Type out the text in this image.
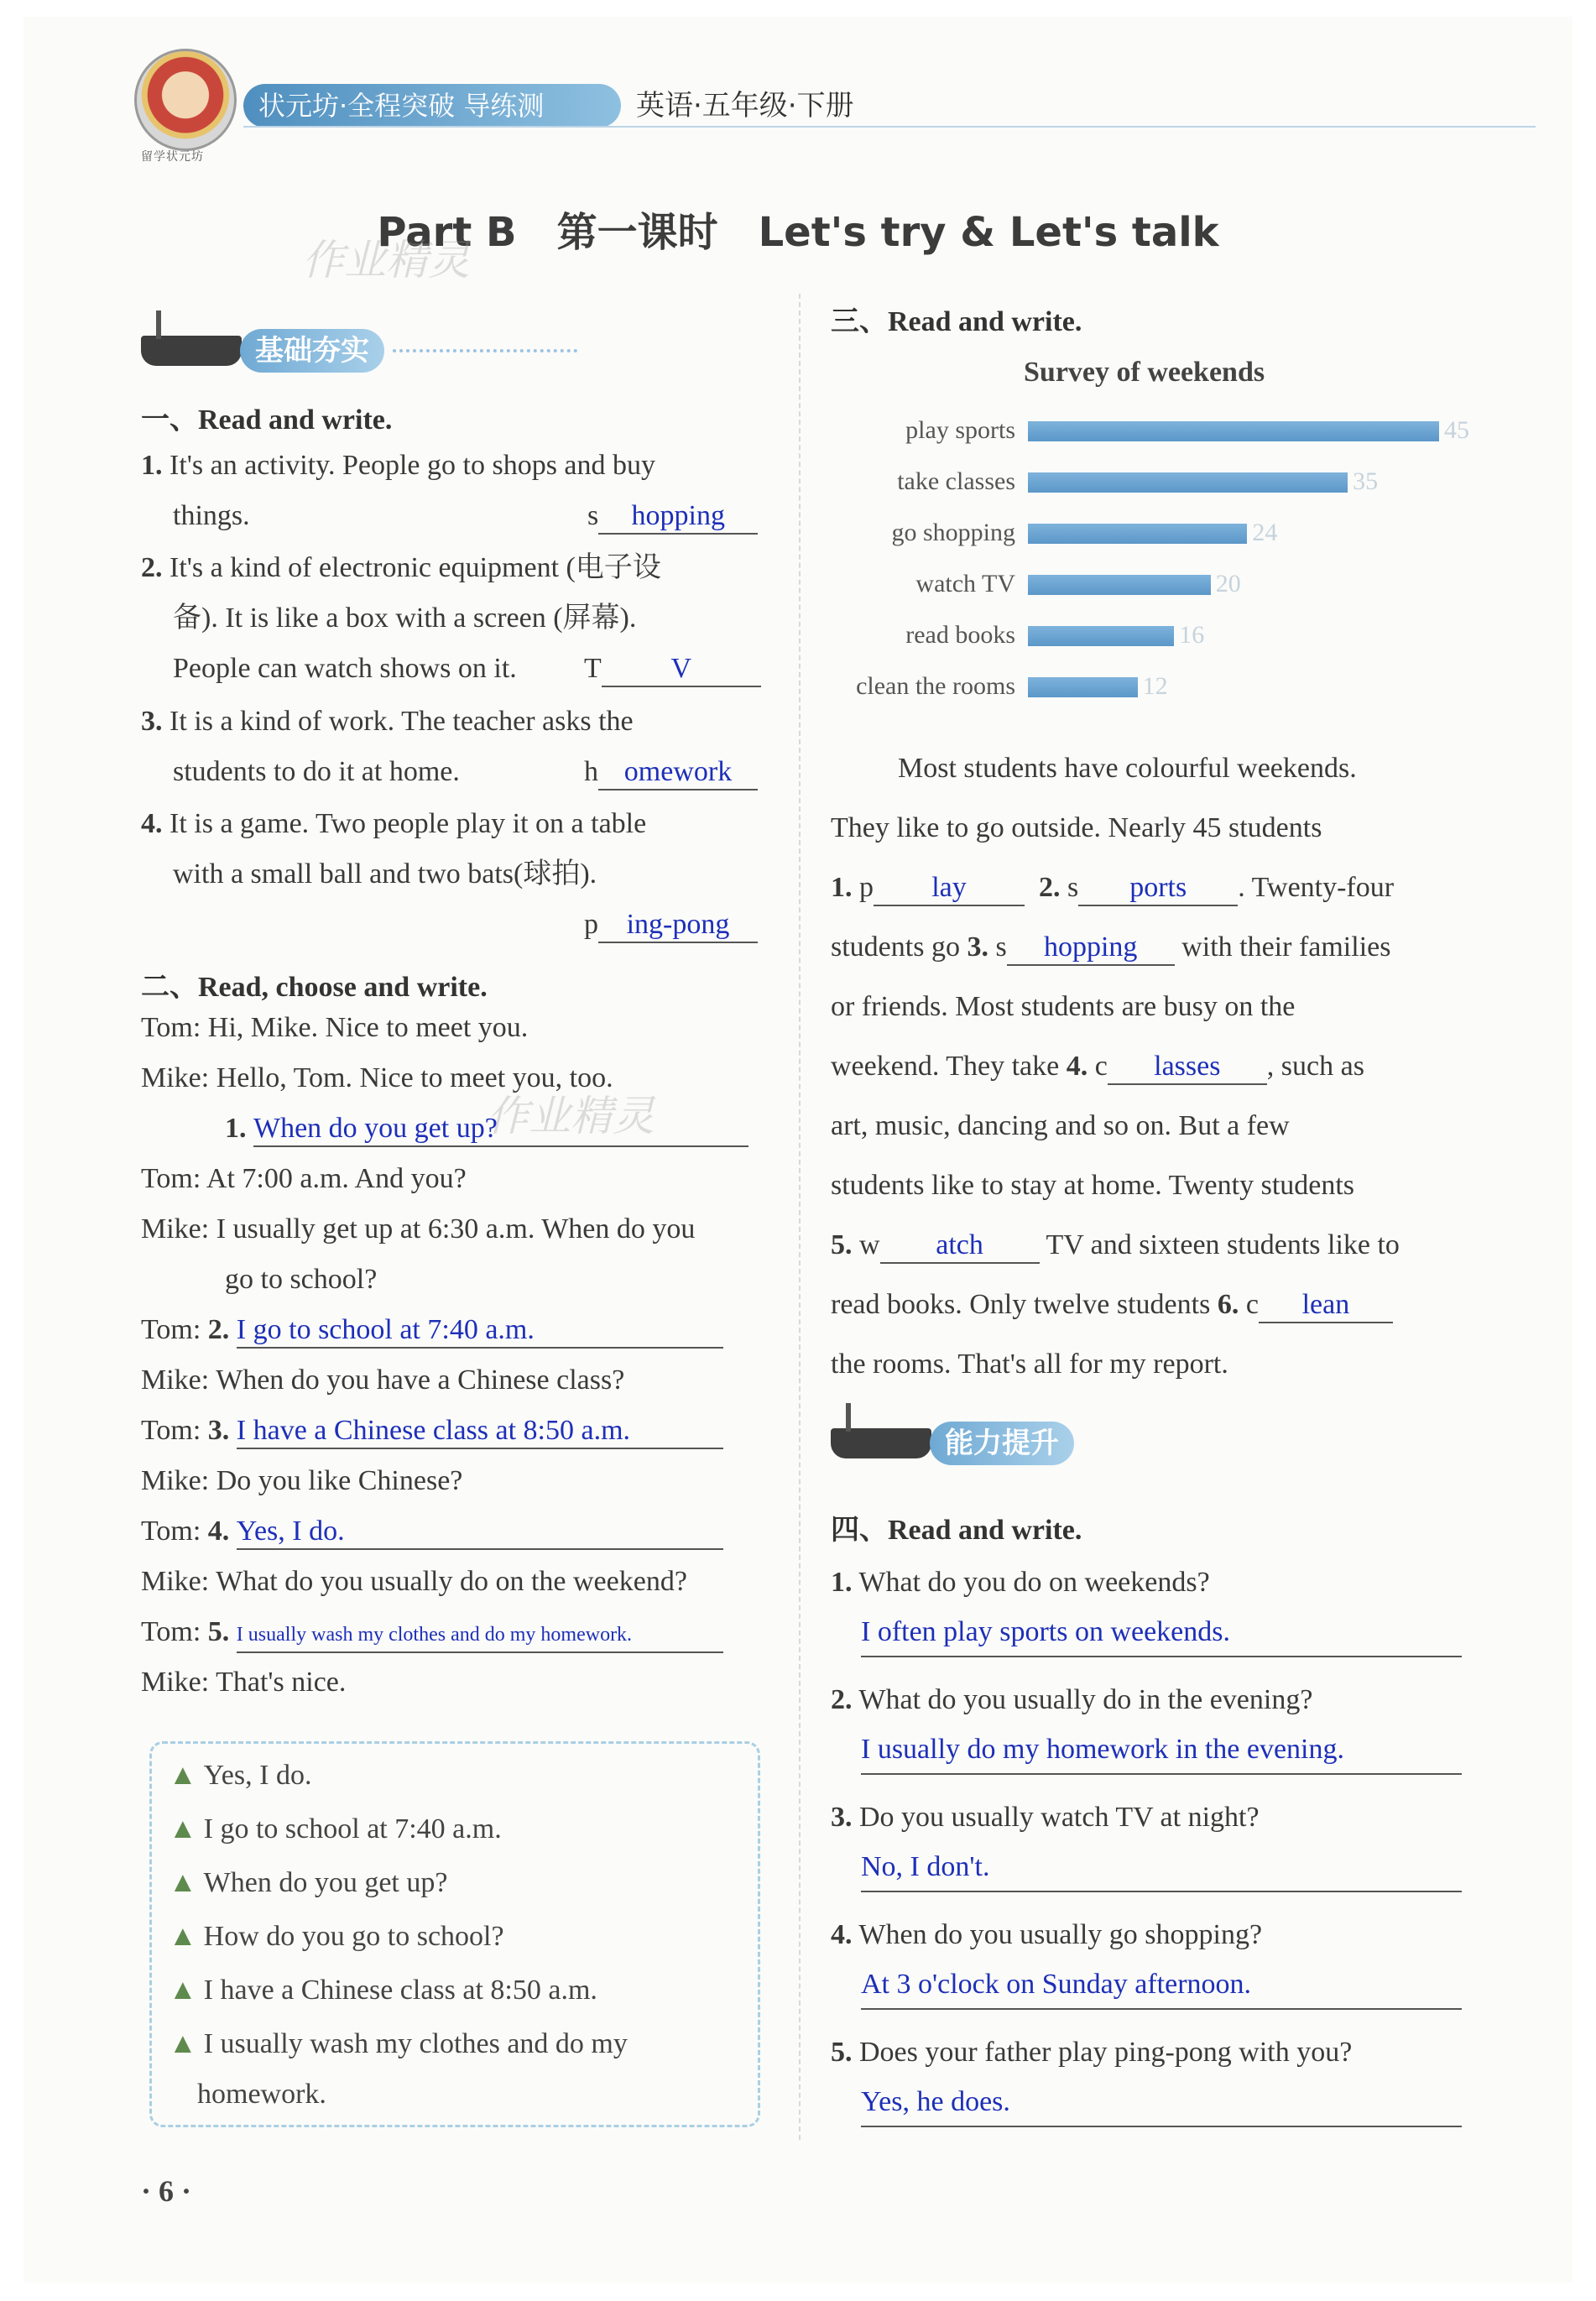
留学状元坊
状元坊·全程突破 导练测	英语·五年级·下册
Part B　第一课时　Let's try & Let's talk
作业精灵
作业精灵
基础夯实
一、Read and write.
1. It's an activity. People go to shops and buy
things.	s hopping
2. It's a kind of electronic equipment (电子设
备). It is like a box with a screen (屏幕).
People can watch shows on it. T V
3. It is a kind of work. The teacher asks the
students to do it at home.	h omework
4. It is a game. Two people play it on a table
with a small ball and two bats(球拍).
p ing-pong
二、Read, choose and write.
Tom: Hi, Mike. Nice to meet you.
Mike: Hello, Tom. Nice to meet you, too.
1. When do you get up?
Tom: At 7:00 a.m. And you?
Mike: I usually get up at 6:30 a.m. When do you
go to school?
Tom: 2. I go to school at 7:40 a.m.
Mike: When do you have a Chinese class?
Tom: 3. I have a Chinese class at 8:50 a.m.
Mike: Do you like Chinese?
Tom: 4. Yes, I do.
Mike: What do you usually do on the weekend?
Tom: 5. I usually wash my clothes and do my homework.
Mike: That's nice.
▲ Yes, I do.
▲ I go to school at 7:40 a.m.
▲ When do you get up?
▲ How do you go to school?
▲ I have a Chinese class at 8:50 a.m.
▲ I usually wash my clothes and do my
homework.
三、Read and write.
Survey of weekends
play sports	45
take classes	35
go shopping	24
watch TV	20
read books	16
clean the rooms	12
Most students have colourful weekends.
They like to go outside. Nearly 45 students
1. p lay	2. s ports . Twenty-four
students go 3. s hopping with their families
or friends. Most students are busy on the
weekend. They take 4. c lasses , such as
art, music, dancing and so on. But a few
students like to stay at home. Twenty students
5. w atch TV and sixteen students like to
read books. Only twelve students 6. c lean
the rooms. That's all for my report.
能力提升
四、Read and write.
1. What do you do on weekends?
I often play sports on weekends.
2. What do you usually do in the evening?
I usually do my homework in the evening.
3. Do you usually watch TV at night?
No, I don't.
4. When do you usually go shopping?
At 3 o'clock on Sunday afternoon.
5. Does your father play ping-pong with you?
Yes, he does.
· 6 ·
